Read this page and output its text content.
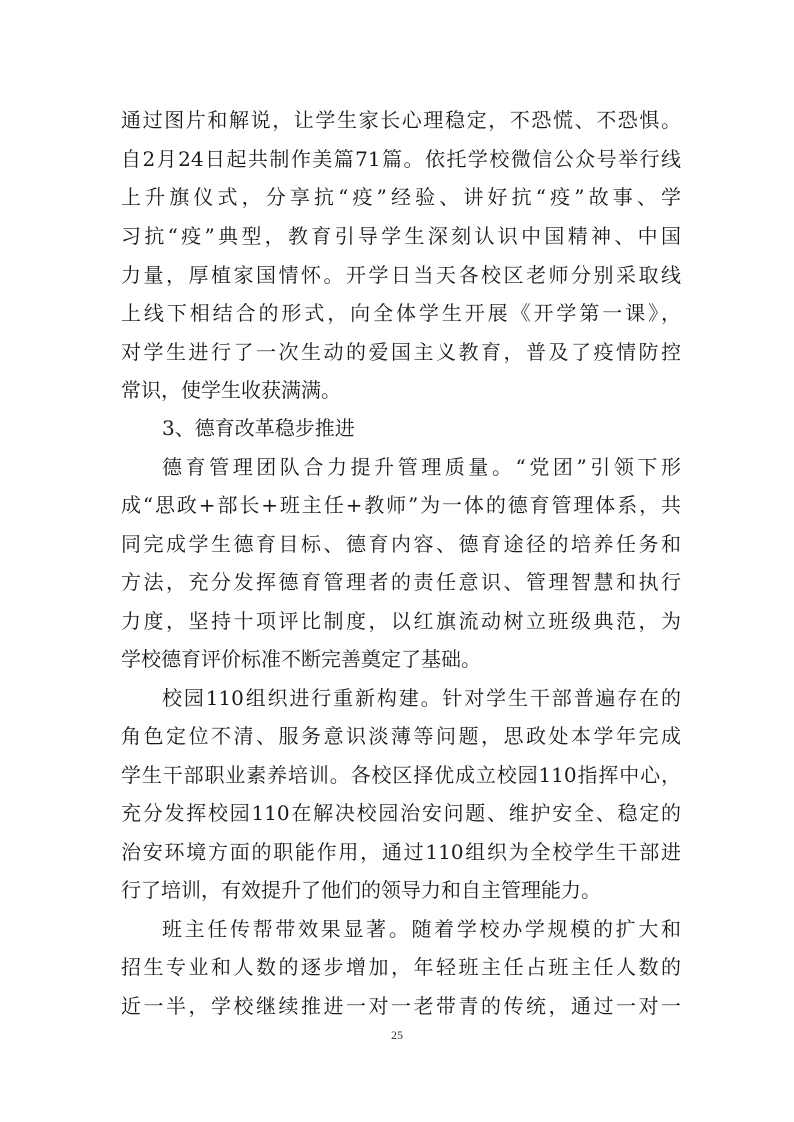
通过图片和解说，让学生家长心理稳定，不恐慌、不恐惧。
自2月24日起共制作美篇71篇。依托学校微信公众号举行线
上升旗仪式，分享抗“疫”经验、讲好抗“疫”故事、学
习抗“疫”典型，教育引导学生深刻认识中国精神、中国
力量，厚植家国情怀。开学日当天各校区老师分别采取线
上线下相结合的形式，向全体学生开展《开学第一课》，
对学生进行了一次生动的爱国主义教育，普及了疫情防控
常识，使学生收获满满。
3、德育改革稳步推进
德育管理团队合力提升管理质量。“党团”引领下形
成“思政+部长+班主任+教师”为一体的德育管理体系，共
同完成学生德育目标、德育内容、德育途径的培养任务和
方法，充分发挥德育管理者的责任意识、管理智慧和执行
力度，坚持十项评比制度，以红旗流动树立班级典范，为
学校德育评价标准不断完善奠定了基础。
校园110组织进行重新构建。针对学生干部普遍存在的
角色定位不清、服务意识淡薄等问题，思政处本学年完成
学生干部职业素养培训。各校区择优成立校园110指挥中心，
充分发挥校园110在解决校园治安问题、维护安全、稳定的
治安环境方面的职能作用，通过110组织为全校学生干部进
行了培训，有效提升了他们的领导力和自主管理能力。
班主任传帮带效果显著。随着学校办学规模的扩大和
招生专业和人数的逐步增加，年轻班主任占班主任人数的
近一半，学校继续推进一对一老带青的传统，通过一对一
25
